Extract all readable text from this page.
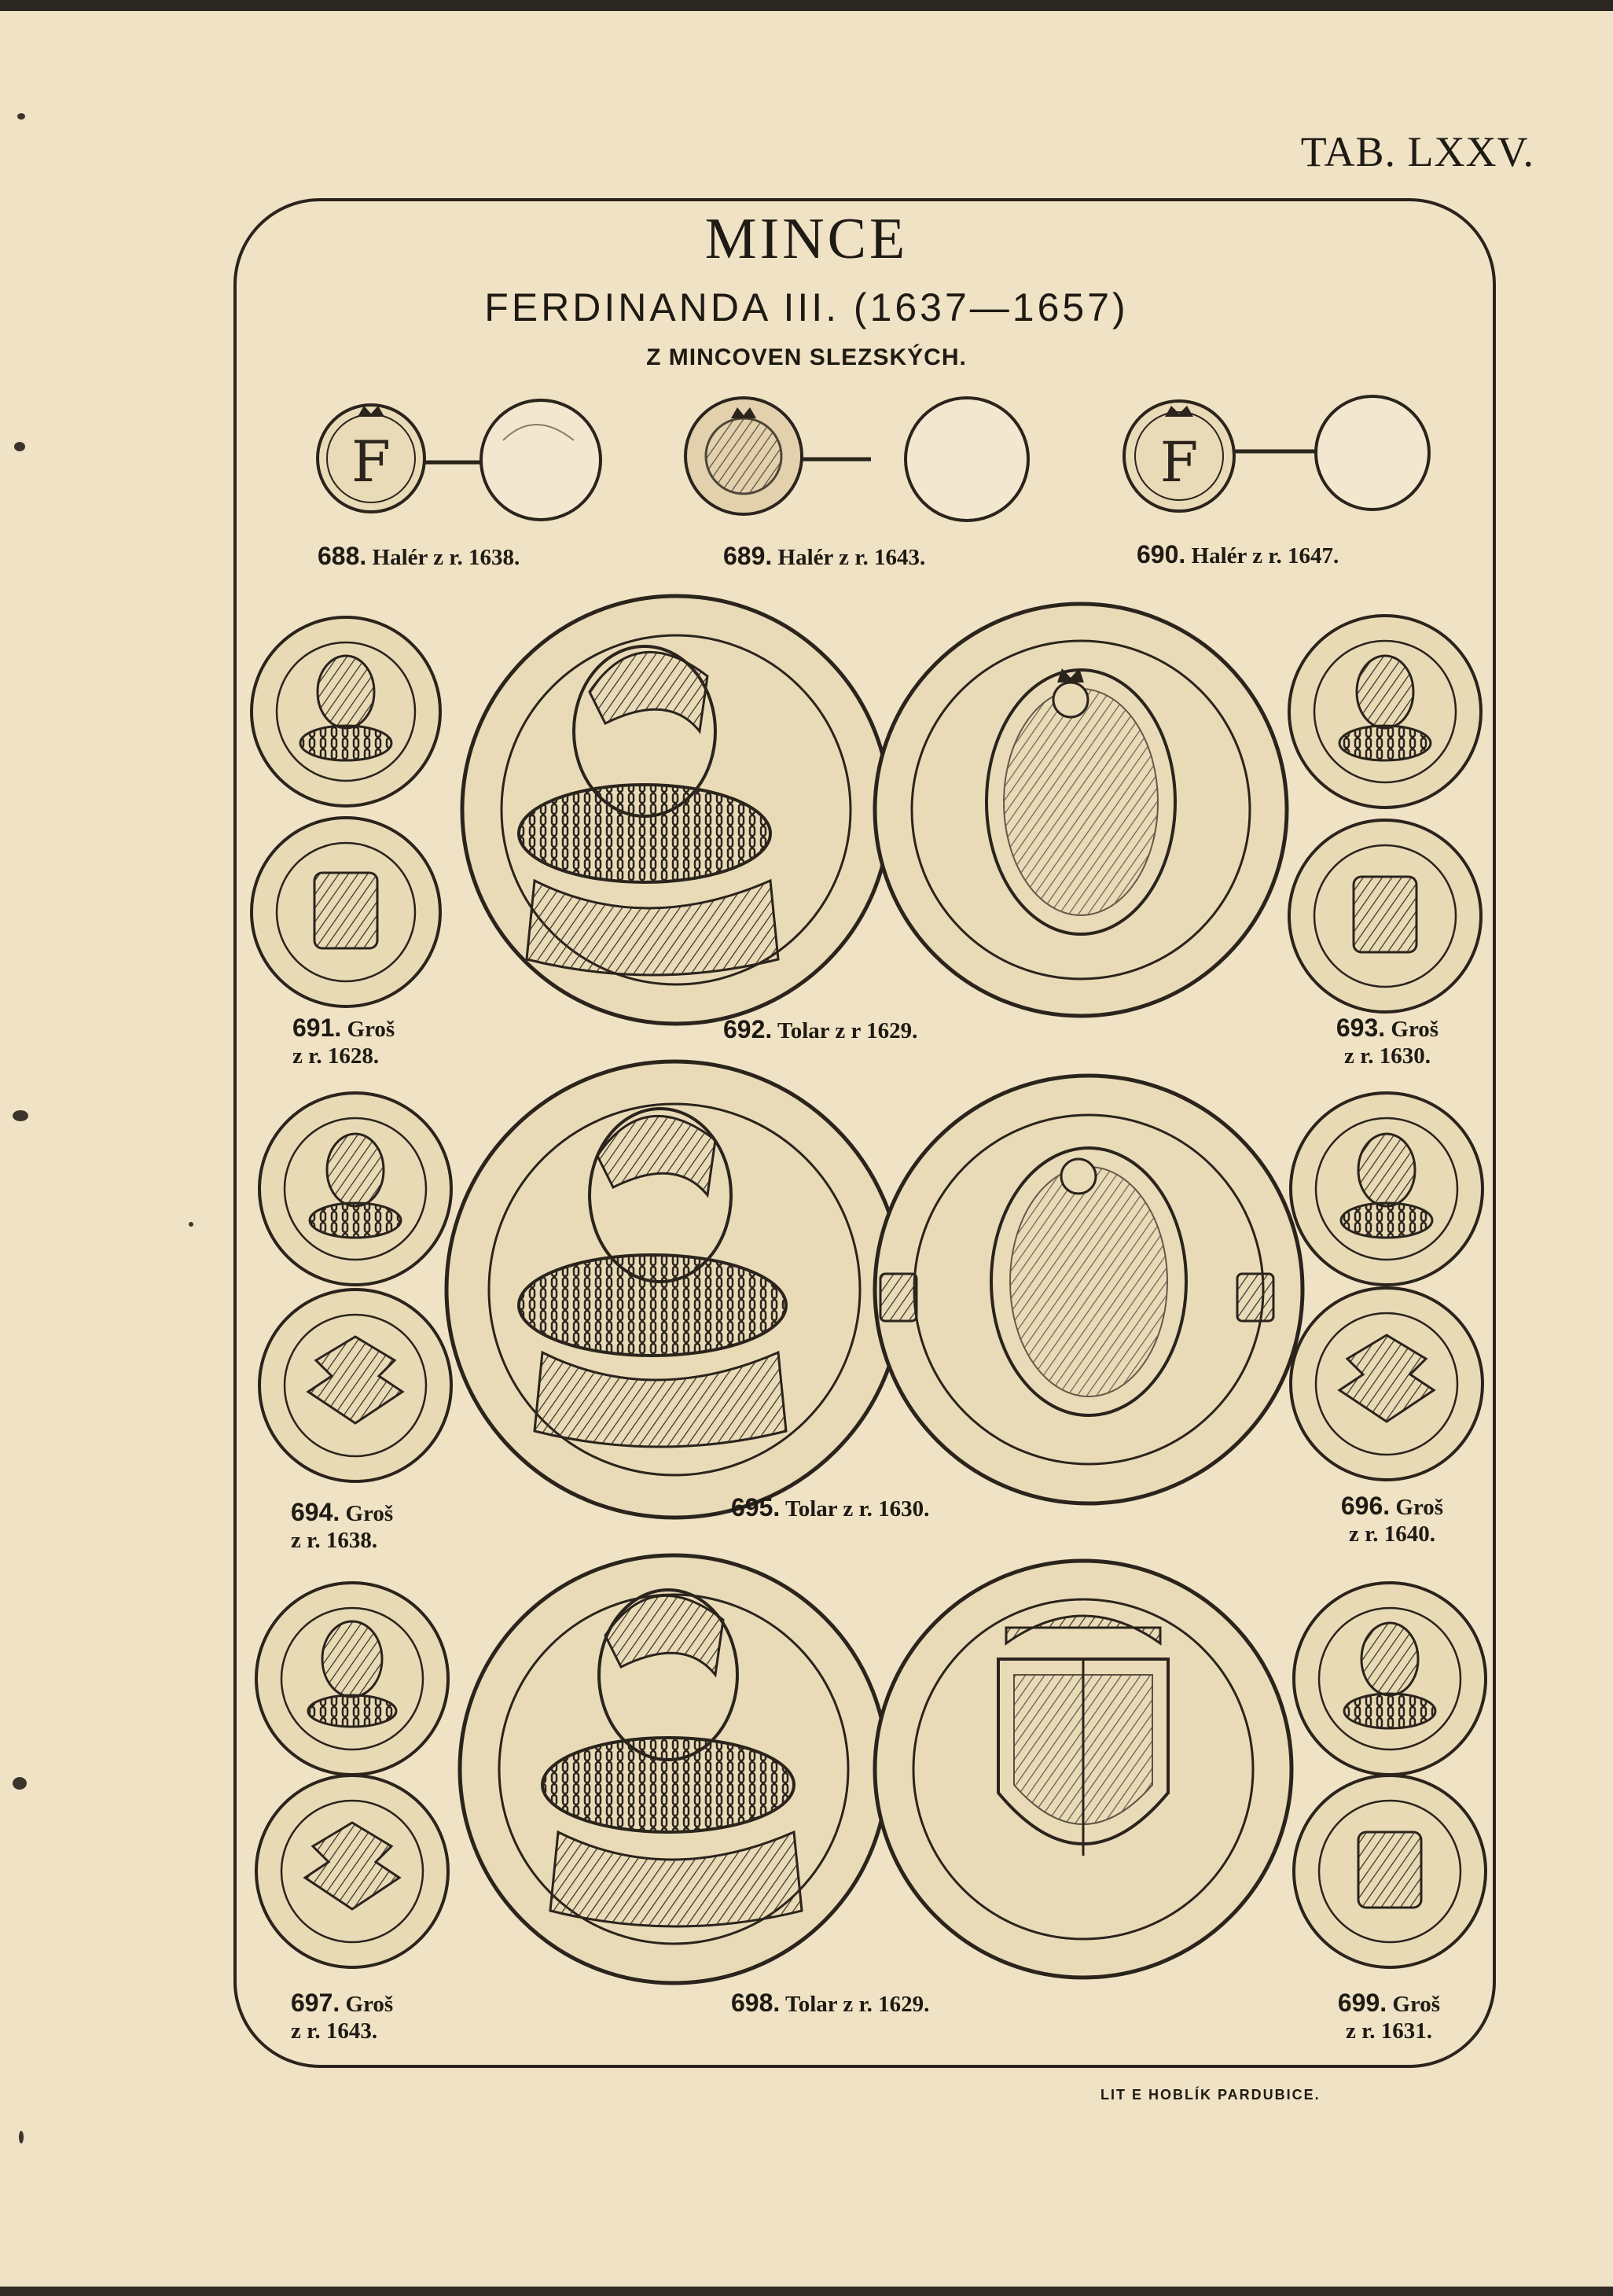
TAB. LXXV.
MINCE
FERDINANDA III. (1637—1657)
Z MINCOVEN SLEZSKÝCH.
F	F
688. Halér z r. 1638.	689. Halér z r. 1643.	690. Halér z r. 1647.
691. Groš
z r. 1628.
692. Tolar z r 1629.	693. Groš
z r. 1630.
694. Groš
z r. 1638.
695. Tolar z r. 1630.	696. Groš
z r. 1640.
697. Groš
z r. 1643.
698. Tolar z r. 1629.	699. Groš
z r. 1631.
LIT E HOBLÍK PARDUBICE.
